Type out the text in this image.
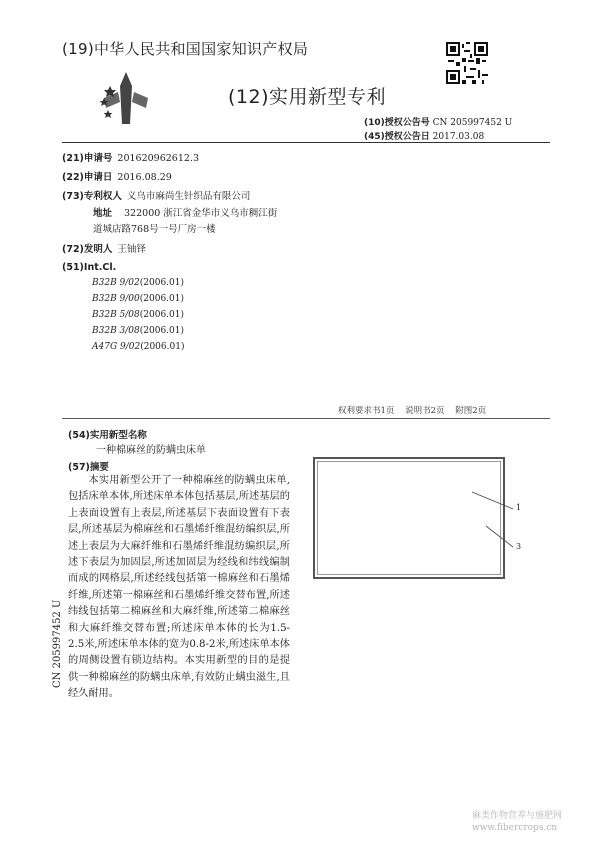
(19)中华人民共和国国家知识产权局
(12)实用新型专利
(10)授权公告号 CN 205997452 U
(45)授权公告日 2017.03.08
(21)申请号 201620962612.3
(22)申请日 2016.08.29
(73)专利权人 义乌市麻尚生针织品有限公司
地址 322000 浙江省金华市义乌市稠江街
道城店路768号一号厂房一楼
(72)发明人 王铀铎
(51)Int.Cl.
B32B 9/02(2006.01)
B32B 9/00(2006.01)
B32B 5/08(2006.01)
B32B 3/08(2006.01)
A47G 9/02(2006.01)
权利要求书1页 说明书2页 附图2页
(54)实用新型名称
一种棉麻丝的防螨虫床单
(57)摘要
本实用新型公开了一种棉麻丝的防螨虫床单,包括床单本体,所述床单本体包括基层,所述基层的上表面设置有上表层,所述基层下表面设置有下表层,所述基层为棉麻丝和石墨烯纤维混纺编织层,所述上表层为大麻纤维和石墨烯纤维混纺编织层,所述下表层为加固层,所述加固层为经线和纬线编制而成的网格层,所述经线包括第一棉麻丝和石墨烯纤维,所述第一棉麻丝和石墨烯纤维交替布置,所述纬线包括第二棉麻丝和大麻纤维,所述第二棉麻丝和大麻纤维交替布置;所述床单本体的长为1.5-2.5米,所述床单本体的宽为0.8-2米,所述床单本体的周侧设置有锁边结构。本实用新型的目的是提供一种棉麻丝的防螨虫床单,有效防止螨虫滋生,且经久耐用。
1
3
CN 205997452 U
麻类作物营养与施肥网
www.fibercrops.cn
